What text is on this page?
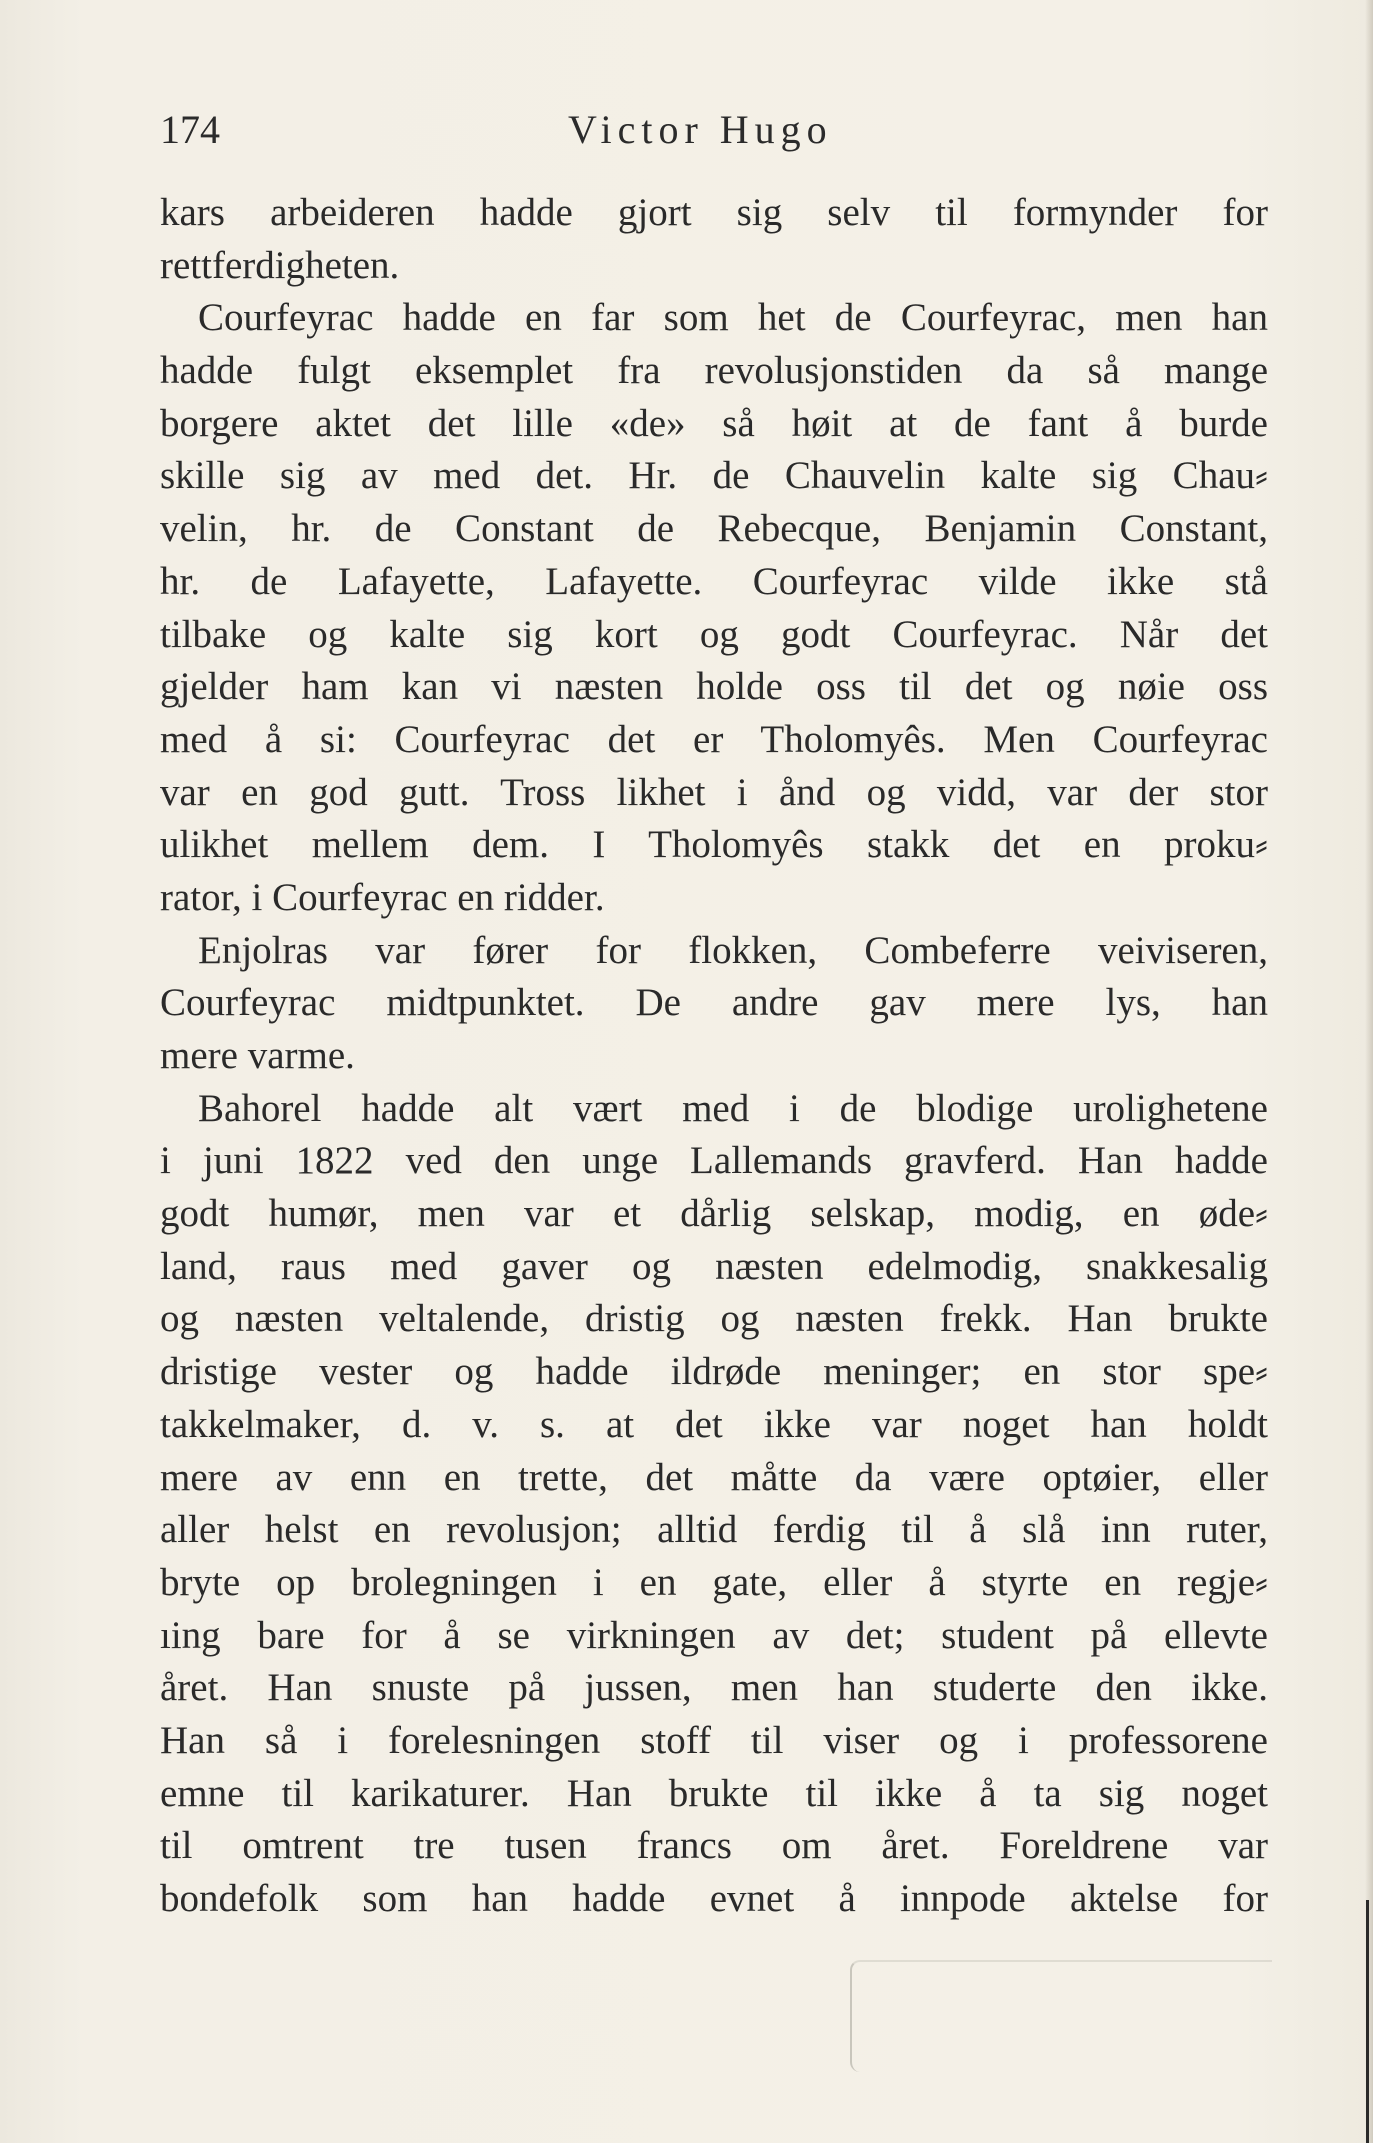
174	Victor Hugo
kars arbeideren hadde gjort sig selv til formynder for
rettferdigheten.
Courfeyrac hadde en far som het de Courfeyrac, men han
hadde fulgt eksemplet fra revolusjonstiden da så mange
borgere aktet det lille «de» så høit at de fant å burde
skille sig av med det. Hr. de Chauvelin kalte sig Chau⸗
velin, hr. de Constant de Rebecque, Benjamin Constant,
hr. de Lafayette, Lafayette. Courfeyrac vilde ikke stå
tilbake og kalte sig kort og godt Courfeyrac. Når det
gjelder ham kan vi næsten holde oss til det og nøie oss
med å si: Courfeyrac det er Tholomyês. Men Courfeyrac
var en god gutt. Tross likhet i ånd og vidd, var der stor
ulikhet mellem dem. I Tholomyês stakk det en proku⸗
rator, i Courfeyrac en ridder.
Enjolras var fører for flokken, Combeferre veiviseren,
Courfeyrac midtpunktet. De andre gav mere lys, han
mere varme.
Bahorel hadde alt vært med i de blodige urolighetene
i juni 1822 ved den unge Lallemands gravferd. Han hadde
godt humør, men var et dårlig selskap, modig, en øde⸗
land, raus med gaver og næsten edelmodig, snakkesalig
og næsten veltalende, dristig og næsten frekk. Han brukte
dristige vester og hadde ildrøde meninger; en stor spe⸗
takkelmaker, d. v. s. at det ikke var noget han holdt
mere av enn en trette, det måtte da være optøier, eller
aller helst en revolusjon; alltid ferdig til å slå inn ruter,
bryte op brolegningen i en gate, eller å styrte en regje⸗
ıing bare for å se virkningen av det; student på ellevte
året. Han snuste på jussen, men han studerte den ikke.
Han så i forelesningen stoff til viser og i professorene
emne til karikaturer. Han brukte til ikke å ta sig noget
til omtrent tre tusen francs om året. Foreldrene var
bondefolk som han hadde evnet å innpode aktelse for
